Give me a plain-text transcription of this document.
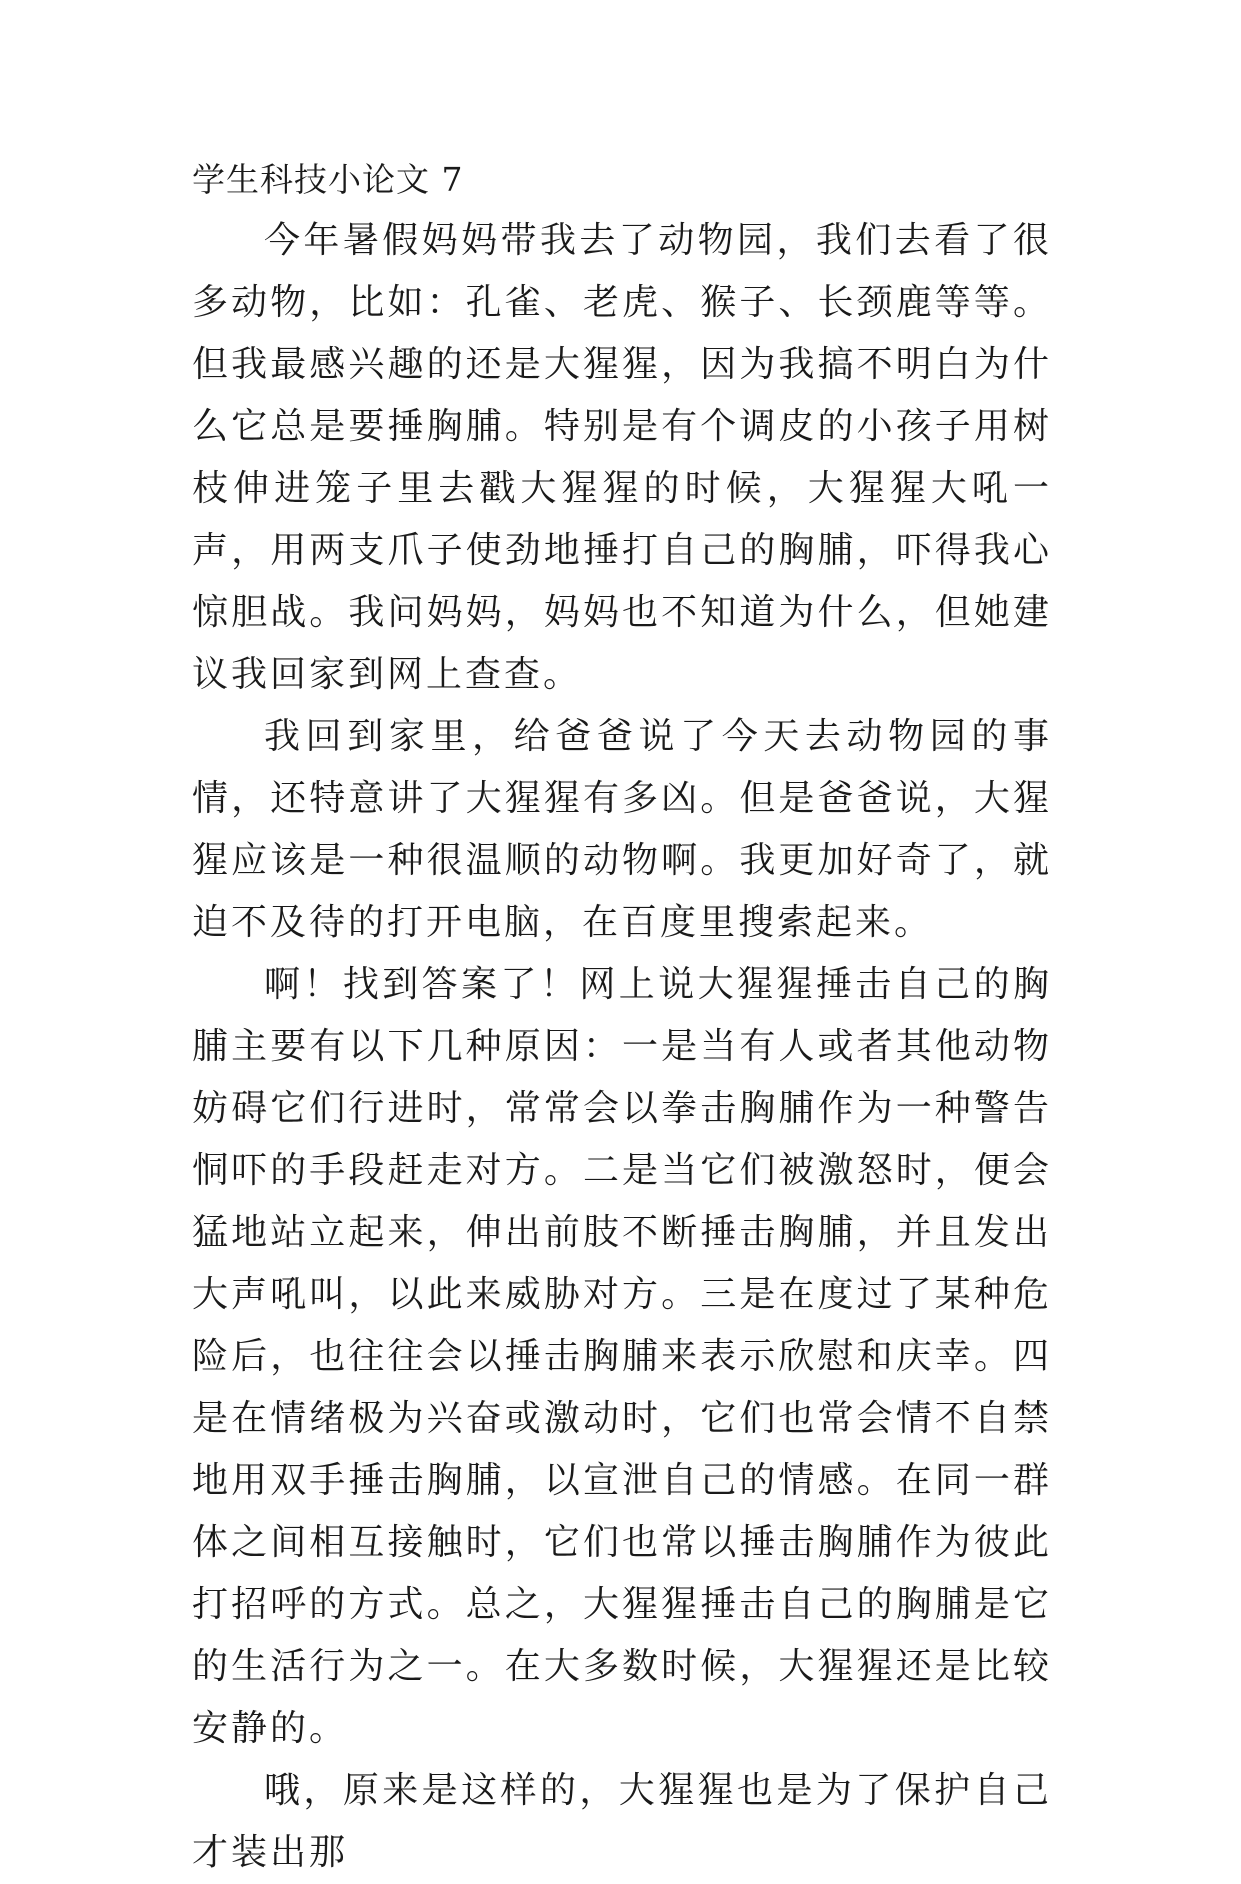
学生科技小论文 7

今年暑假妈妈带我去了动物园，我们去看了很多动物，比如：孔雀、老虎、猴子、长颈鹿等等。但我最感兴趣的还是大猩猩，因为我搞不明白为什么它总是要捶胸脯。特别是有个调皮的小孩子用树枝伸进笼子里去戳大猩猩的时候，大猩猩大吼一声，用两支爪子使劲地捶打自己的胸脯，吓得我心惊胆战。我问妈妈，妈妈也不知道为什么，但她建议我回家到网上查查。

我回到家里，给爸爸说了今天去动物园的事情，还特意讲了大猩猩有多凶。但是爸爸说，大猩猩应该是一种很温顺的动物啊。我更加好奇了，就迫不及待的打开电脑，在百度里搜索起来。

啊！找到答案了！网上说大猩猩捶击自己的胸脯主要有以下几种原因：一是当有人或者其他动物妨碍它们行进时，常常会以拳击胸脯作为一种警告恫吓的手段赶走对方。二是当它们被激怒时，便会猛地站立起来，伸出前肢不断捶击胸脯，并且发出大声吼叫，以此来威胁对方。三是在度过了某种危险后，也往往会以捶击胸脯来表示欣慰和庆幸。四是在情绪极为兴奋或激动时，它们也常会情不自禁地用双手捶击胸脯，以宣泄自己的情感。在同一群体之间相互接触时，它们也常以捶击胸脯作为彼此打招呼的方式。总之，大猩猩捶击自己的胸脯是它的生活行为之一。在大多数时候，大猩猩还是比较安静的。

哦，原来是这样的，大猩猩也是为了保护自己才装出那
